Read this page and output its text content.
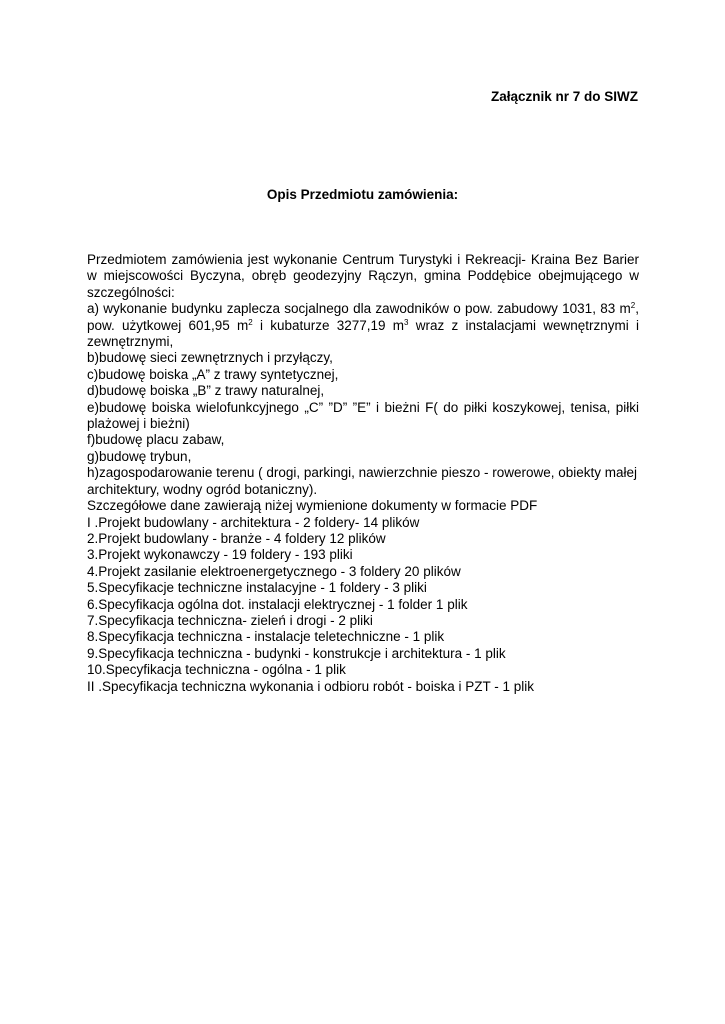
Załącznik nr 7 do SIWZ
Opis Przedmiotu zamówienia:

Przedmiotem zamówienia jest wykonanie Centrum Turystyki i Rekreacji- Kraina Bez Barier w miejscowości Byczyna, obręb geodezyjny Rączyn, gmina Poddębice obejmującego w szczególności:

a) wykonanie budynku zaplecza socjalnego dla zawodników o pow. zabudowy 1031, 83 $m^2$, pow. użytkowej 601,95 $m^2$ i kubaturze 3277,19 $m^3$ wraz z instalacjami wewnętrznymi i zewnętrznymi,

b)budowę sieci zewnętrznych i przyłączy,

c)budowę boiska „A” z trawy syntetycznej,

d)budowę boiska „B” z trawy naturalnej,

e)budowę boiska wielofunkcyjnego „C” ”D” ”E” i bieżni F( do piłki koszykowej, tenisa, piłki plażowej i bieżni)

f)budowę placu zabaw,

g)budowę trybun,

h)zagospodarowanie terenu ( drogi, parkingi, nawierzchnie pieszo - rowerowe, obiekty małej architektury, wodny ogród botaniczny).

Szczegółowe dane zawierają niżej wymienione dokumenty w formacie PDF

I .Projekt budowlany - architektura - 2 foldery- 14 plików

2.Projekt budowlany - branże - 4 foldery 12 plików

3.Projekt wykonawczy - 19 foldery - 193 pliki

4.Projekt zasilanie elektroenergetycznego - 3 foldery 20 plików

5.Specyfikacje techniczne instalacyjne - 1 foldery - 3 pliki

6.Specyfikacja ogólna dot. instalacji elektrycznej - 1 folder 1 plik

7.Specyfikacja techniczna- zieleń i drogi - 2 pliki

8.Specyfikacja techniczna - instalacje teletechniczne - 1 plik

9.Specyfikacja techniczna - budynki - konstrukcje i architektura - 1 plik

10.Specyfikacja techniczna - ogólna - 1 plik

II .Specyfikacja techniczna wykonania i odbioru robót - boiska i PZT - 1 plik
